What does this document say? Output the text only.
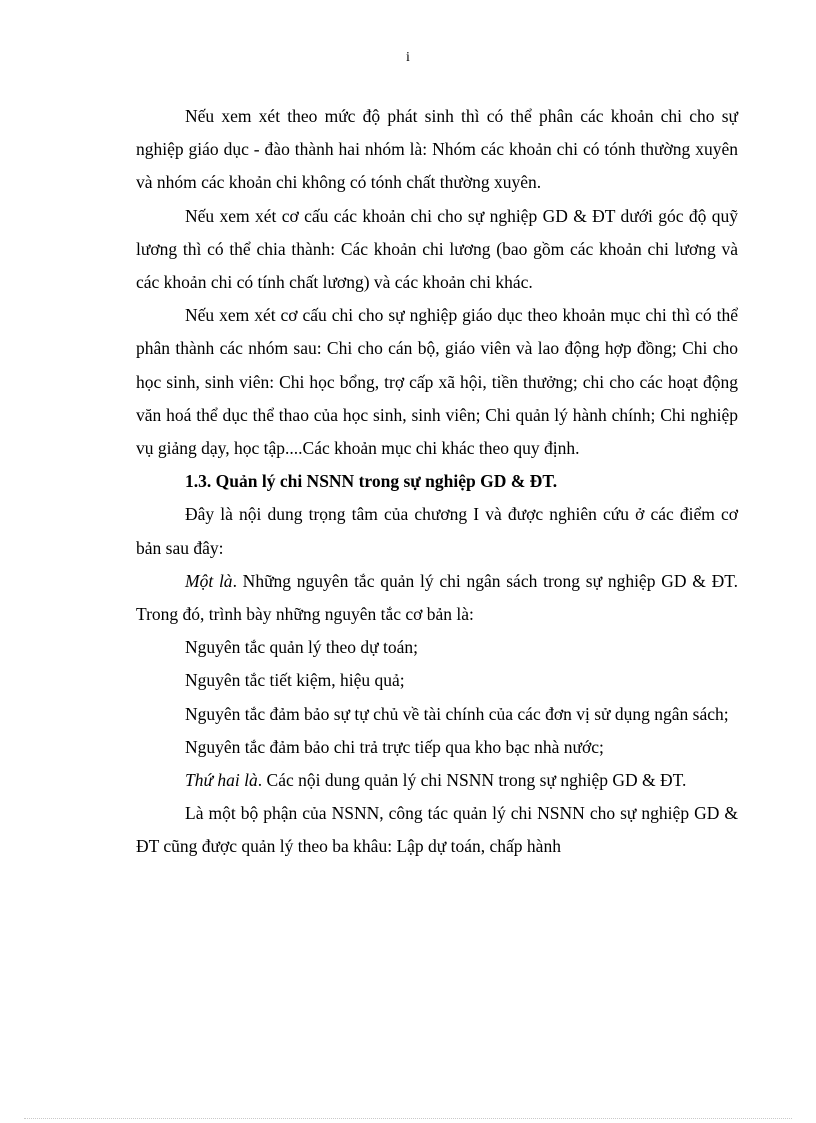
i

Nếu xem xét theo mức độ phát sinh thì có thể phân các khoản chi cho sự nghiệp giáo dục - đào thành hai nhóm là: Nhóm các khoản chi có tónh thường xuyên và nhóm các khoản chi không có tónh chất thường xuyên.

Nếu xem xét cơ cấu các khoản chi cho sự nghiệp GD & ĐT dưới góc độ quỹ lương thì có thể chia thành: Các khoản chi lương (bao gồm các khoản chi lương và các khoản chi có tính chất lương) và các khoản chi khác.

Nếu xem xét cơ cấu chi cho sự nghiệp giáo dục theo khoản mục chi thì có thể phân thành các nhóm sau: Chi cho cán bộ, giáo viên và lao động hợp đồng; Chi cho học sinh, sinh viên: Chi học bổng, trợ cấp xã hội, tiền thưởng; chi cho các hoạt động văn hoá thể dục thể thao của học sinh, sinh viên; Chi quản lý hành chính; Chi nghiệp vụ giảng dạy, học tập....Các khoản mục chi khác theo quy định.

1.3. Quản lý chi NSNN trong sự nghiệp GD & ĐT.

Đây là nội dung trọng tâm của chương I và được nghiên cứu ở các điểm cơ bản sau đây:

Một là. Những nguyên tắc quản lý chi ngân sách trong sự nghiệp GD & ĐT. Trong đó, trình bày những nguyên tắc cơ bản là:

Nguyên tắc quản lý theo dự toán;

Nguyên tắc tiết kiệm, hiệu quả;

Nguyên tắc đảm bảo sự tự chủ về tài chính của các đơn vị sử dụng ngân sách;

Nguyên tắc đảm bảo chi trả trực tiếp qua kho bạc nhà nước;

Thứ hai là. Các nội dung quản lý chi NSNN trong sự nghiệp GD & ĐT.

Là một bộ phận của NSNN, công tác quản lý chi NSNN cho sự nghiệp GD & ĐT cũng được quản lý theo ba khâu: Lập dự toán, chấp hành
